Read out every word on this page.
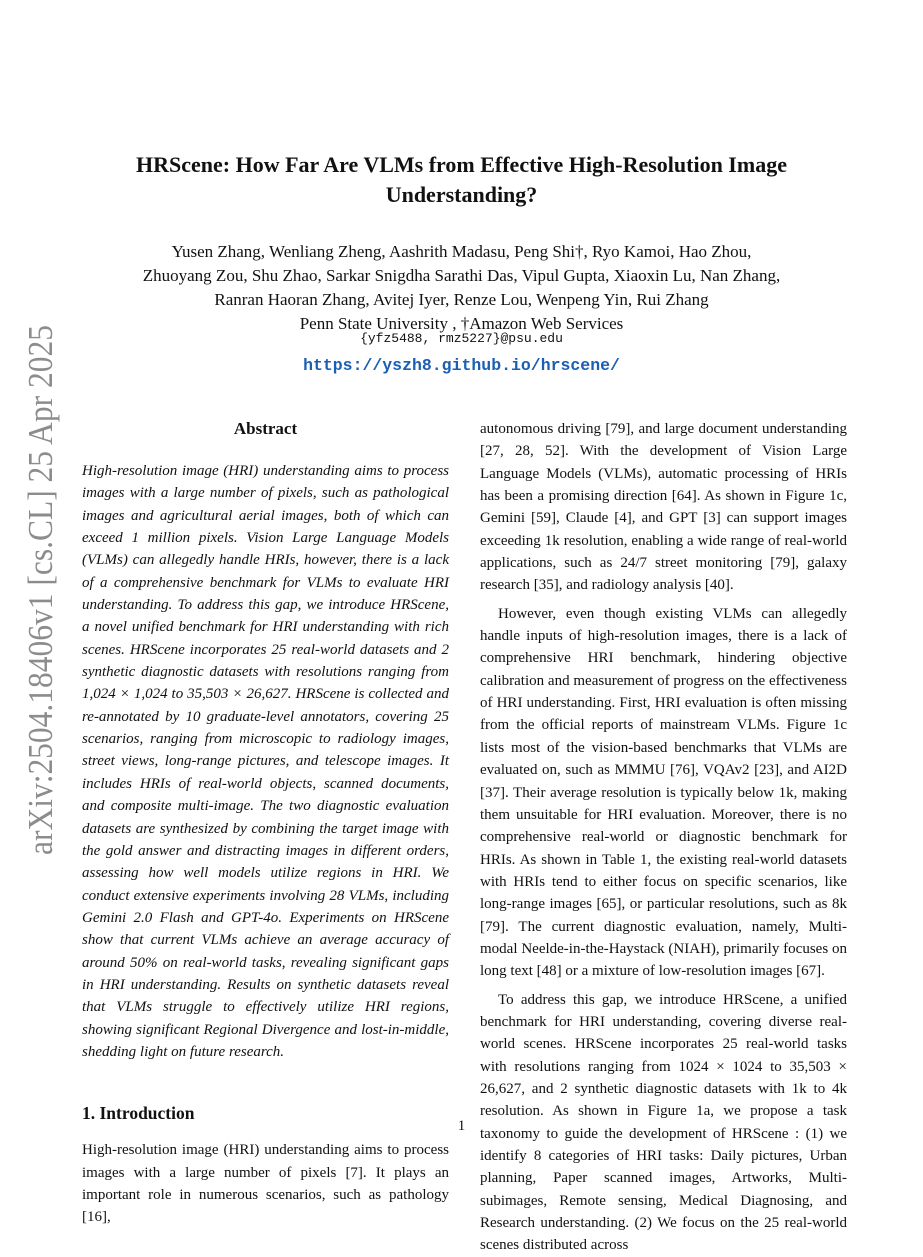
arXiv:2504.18406v1 [cs.CL] 25 Apr 2025
HRScene: How Far Are VLMs from Effective High-Resolution Image Understanding?
Yusen Zhang, Wenliang Zheng, Aashrith Madasu, Peng Shi†, Ryo Kamoi, Hao Zhou,
Zhuoyang Zou, Shu Zhao, Sarkar Snigdha Sarathi Das, Vipul Gupta, Xiaoxin Lu, Nan Zhang,
Ranran Haoran Zhang, Avitej Iyer, Renze Lou, Wenpeng Yin, Rui Zhang
Penn State University , †Amazon Web Services
{yfz5488, rmz5227}@psu.edu
https://yszh8.github.io/hrscene/
Abstract

High-resolution image (HRI) understanding aims to process images with a large number of pixels, such as pathological images and agricultural aerial images, both of which can exceed 1 million pixels. Vision Large Language Models (VLMs) can allegedly handle HRIs, however, there is a lack of a comprehensive benchmark for VLMs to evaluate HRI understanding. To address this gap, we introduce HRScene, a novel unified benchmark for HRI understanding with rich scenes. HRScene incorporates 25 real-world datasets and 2 synthetic diagnostic datasets with resolutions ranging from 1,024 × 1,024 to 35,503 × 26,627. HRScene is collected and re-annotated by 10 graduate-level annotators, covering 25 scenarios, ranging from microscopic to radiology images, street views, long-range pictures, and telescope images. It includes HRIs of real-world objects, scanned documents, and composite multi-image. The two diagnostic evaluation datasets are synthesized by combining the target image with the gold answer and distracting images in different orders, assessing how well models utilize regions in HRI. We conduct extensive experiments involving 28 VLMs, including Gemini 2.0 Flash and GPT-4o. Experiments on HRScene show that current VLMs achieve an average accuracy of around 50% on real-world tasks, revealing significant gaps in HRI understanding. Results on synthetic datasets reveal that VLMs struggle to effectively utilize HRI regions, showing significant Regional Divergence and lost-in-middle, shedding light on future research.

1. Introduction

High-resolution image (HRI) understanding aims to process images with a large number of pixels [7]. It plays an important role in numerous scenarios, such as pathology [16],

autonomous driving [79], and large document understanding [27, 28, 52]. With the development of Vision Large Language Models (VLMs), automatic processing of HRIs has been a promising direction [64]. As shown in Figure 1c, Gemini [59], Claude [4], and GPT [3] can support images exceeding 1k resolution, enabling a wide range of real-world applications, such as 24/7 street monitoring [79], galaxy research [35], and radiology analysis [40].

However, even though existing VLMs can allegedly handle inputs of high-resolution images, there is a lack of comprehensive HRI benchmark, hindering objective calibration and measurement of progress on the effectiveness of HRI understanding. First, HRI evaluation is often missing from the official reports of mainstream VLMs. Figure 1c lists most of the vision-based benchmarks that VLMs are evaluated on, such as MMMU [76], VQAv2 [23], and AI2D [37]. Their average resolution is typically below 1k, making them unsuitable for HRI evaluation. Moreover, there is no comprehensive real-world or diagnostic benchmark for HRIs. As shown in Table 1, the existing real-world datasets with HRIs tend to either focus on specific scenarios, like long-range images [65], or particular resolutions, such as 8k [79]. The current diagnostic evaluation, namely, Multi-modal Neelde-in-the-Haystack (NIAH), primarily focuses on long text [48] or a mixture of low-resolution images [67].

To address this gap, we introduce HRScene, a unified benchmark for HRI understanding, covering diverse real-world scenes. HRScene incorporates 25 real-world tasks with resolutions ranging from 1024 × 1024 to 35,503 × 26,627, and 2 synthetic diagnostic datasets with 1k to 4k resolution. As shown in Figure 1a, we propose a task taxonomy to guide the development of HRScene : (1) we identify 8 categories of HRI tasks: Daily pictures, Urban planning, Paper scanned images, Artworks, Multi-subimages, Remote sensing, Medical Diagnosing, and Research understanding. (2) We focus on the 25 real-world scenes distributed across

1
